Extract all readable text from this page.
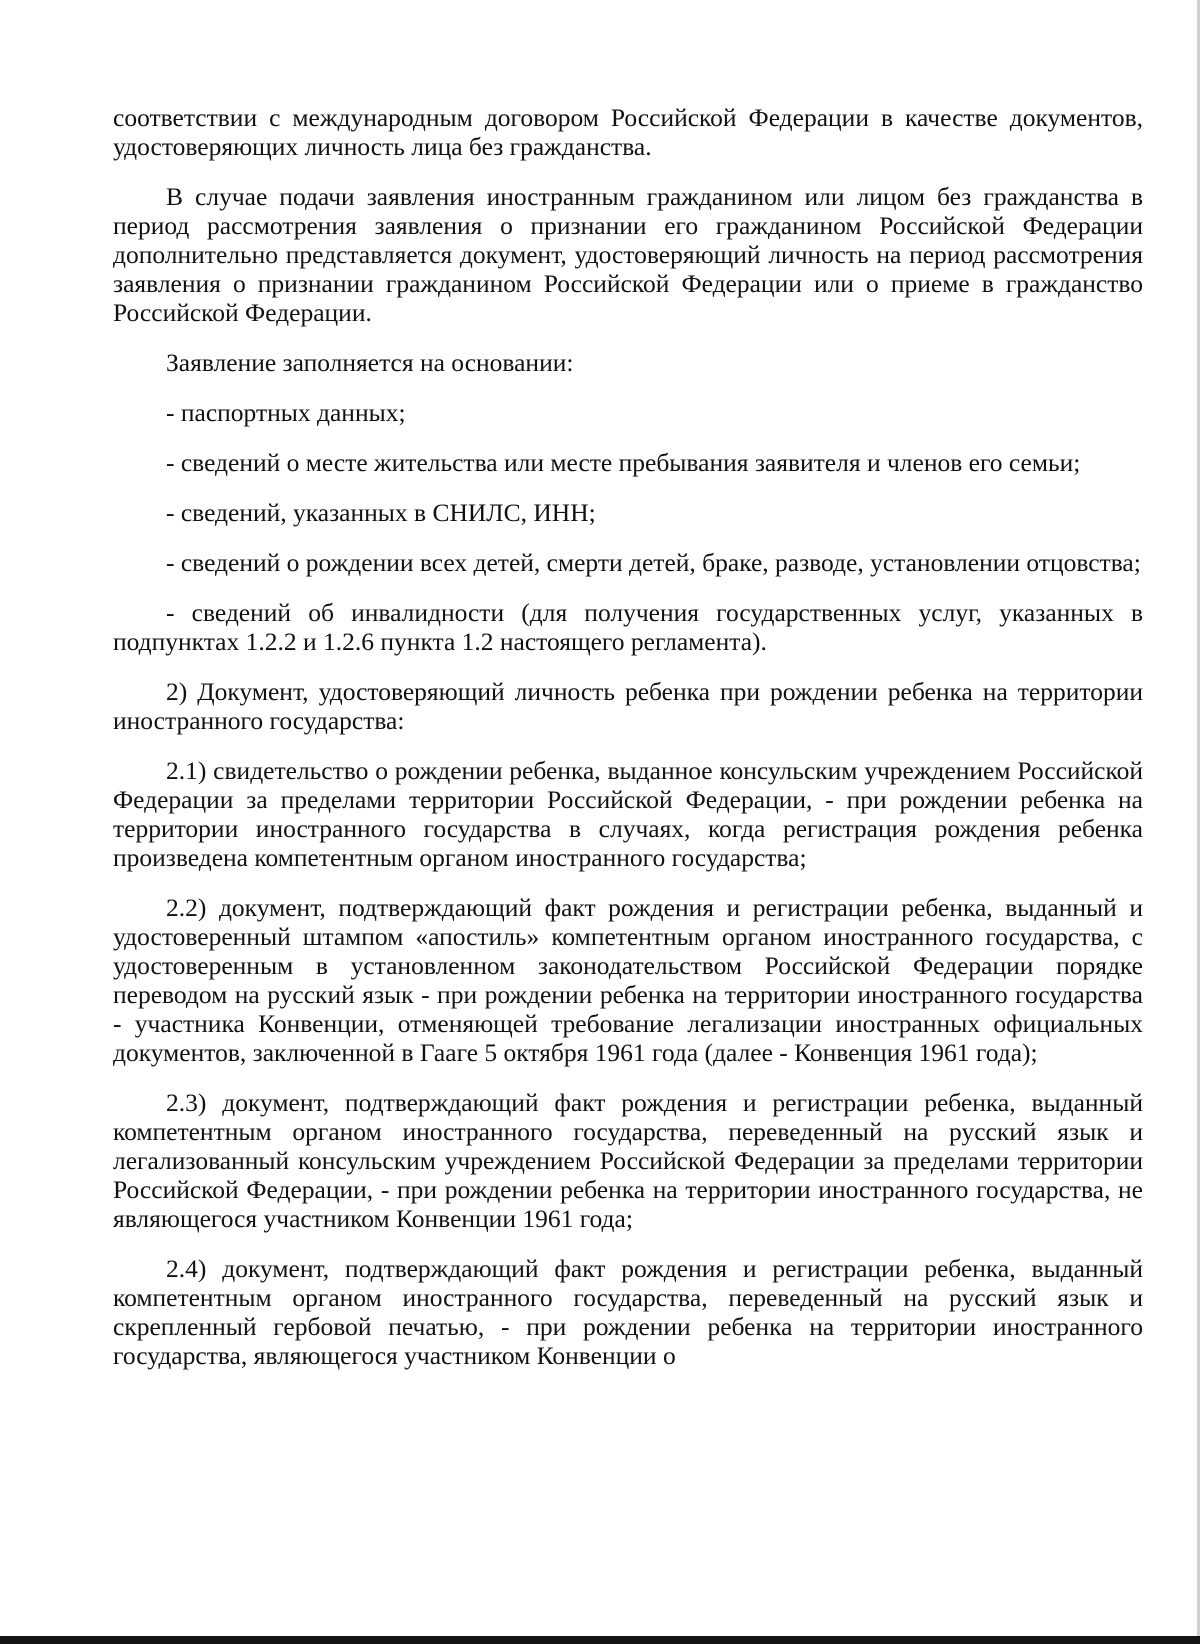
соответствии с международным договором Российской Федерации в качестве документов, удостоверяющих личность лица без гражданства.

В случае подачи заявления иностранным гражданином или лицом без гражданства в период рассмотрения заявления о признании его гражданином Российской Федерации дополнительно представляется документ, удостоверяющий личность на период рассмотрения заявления о признании гражданином Российской Федерации или о приеме в гражданство Российской Федерации.

Заявление заполняется на основании:

- паспортных данных;

- сведений о месте жительства или месте пребывания заявителя и членов его семьи;

- сведений, указанных в СНИЛС, ИНН;

- сведений о рождении всех детей, смерти детей, браке, разводе, установлении отцовства;

- сведений об инвалидности (для получения государственных услуг, указанных в подпунктах 1.2.2 и 1.2.6 пункта 1.2 настоящего регламента).

2) Документ, удостоверяющий личность ребенка при рождении ребенка на территории иностранного государства:

2.1) свидетельство о рождении ребенка, выданное консульским учреждением Российской Федерации за пределами территории Российской Федерации, - при рождении ребенка на территории иностранного государства в случаях, когда регистрация рождения ребенка произведена компетентным органом иностранного государства;

2.2) документ, подтверждающий факт рождения и регистрации ребенка, выданный и удостоверенный штампом «апостиль» компетентным органом иностранного государства, с удостоверенным в установленном законодательством Российской Федерации порядке переводом на русский язык - при рождении ребенка на территории иностранного государства - участника Конвенции, отменяющей требование легализации иностранных официальных документов, заключенной в Гааге 5 октября 1961 года (далее - Конвенция 1961 года);

2.3) документ, подтверждающий факт рождения и регистрации ребенка, выданный компетентным органом иностранного государства, переведенный на русский язык и легализованный консульским учреждением Российской Федерации за пределами территории Российской Федерации, - при рождении ребенка на территории иностранного государства, не являющегося участником Конвенции 1961 года;

2.4) документ, подтверждающий факт рождения и регистрации ребенка, выданный компетентным органом иностранного государства, переведенный на русский язык и скрепленный гербовой печатью, - при рождении ребенка на территории иностранного государства, являющегося участником Конвенции о
